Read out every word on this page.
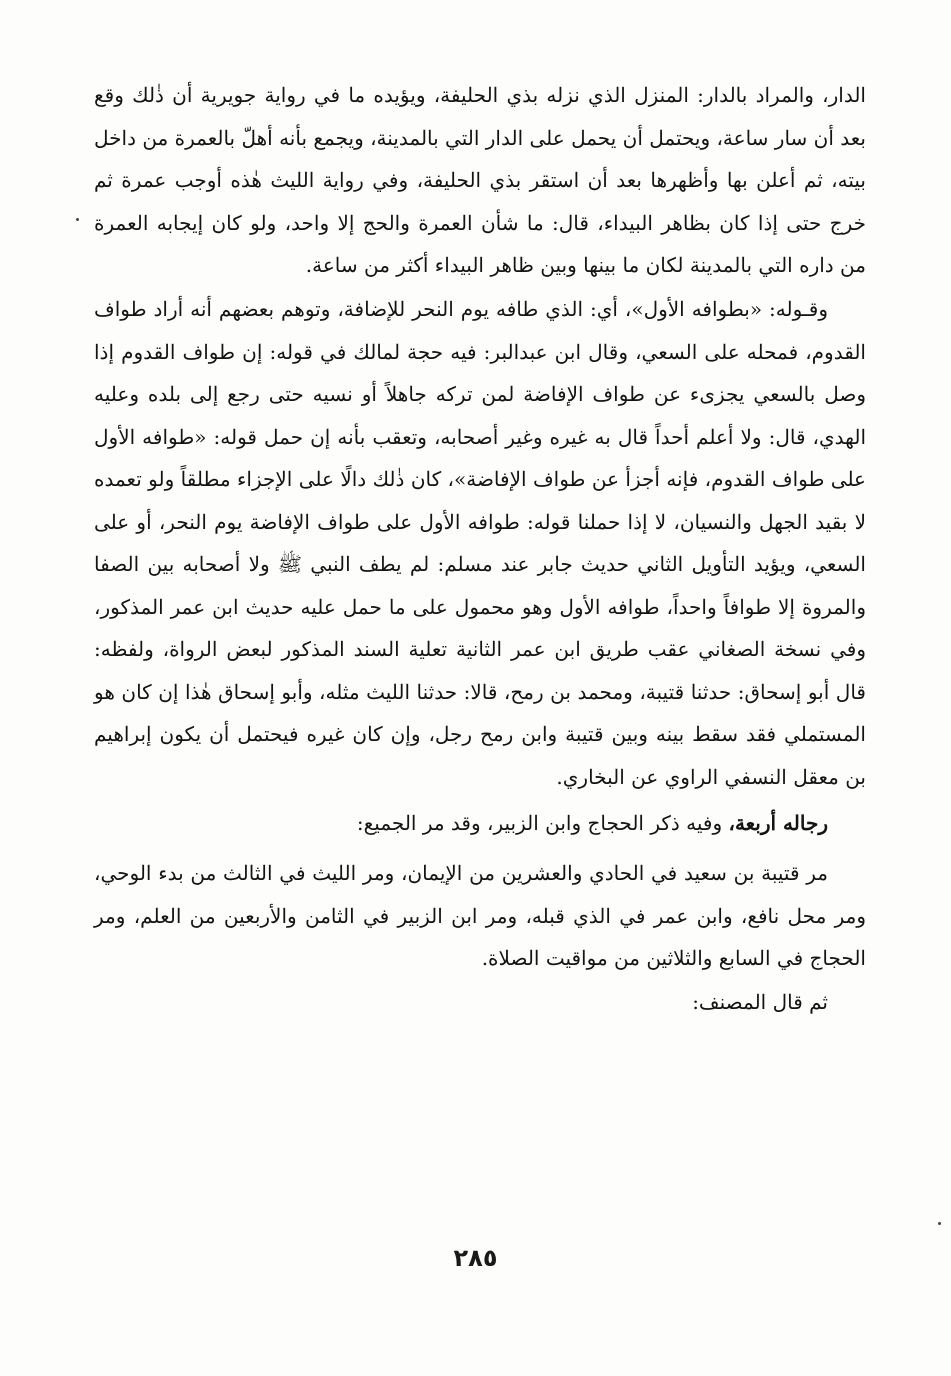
الدار، والمراد بالدار: المنزل الذي نزله بذي الحليفة، ويؤيده ما في رواية جويرية أن ذٰلك وقع بعد أن سار ساعة، ويحتمل أن يحمل على الدار التي بالمدينة، ويجمع بأنه أهلّ بالعمرة من داخل بيته، ثم أعلن بها وأظهرها بعد أن استقر بذي الحليفة، وفي رواية الليث هٰذه أوجب عمرة ثم خرج حتى إذا كان بظاهر البيداء، قال: ما شأن العمرة والحج إلا واحد، ولو كان إيجابه العمرة من داره التي بالمدينة لكان ما بينها وبين ظاهر البيداء أكثر من ساعة.

وقـوله: «بطوافه الأول»، أي: الذي طافه يوم النحر للإضافة، وتوهم بعضهم أنه أراد طواف القدوم، فمحله على السعي، وقال ابن عبدالبر: فيه حجة لمالك في قوله: إن طواف القدوم إذا وصل بالسعي يجزىء عن طواف الإفاضة لمن تركه جاهلاً أو نسيه حتى رجع إلى بلده وعليه الهدي، قال: ولا أعلم أحداً قال به غيره وغير أصحابه، وتعقب بأنه إن حمل قوله: «طوافه الأول على طواف القدوم، فإنه أجزأ عن طواف الإفاضة»، كان ذٰلك دالًا على الإجزاء مطلقاً ولو تعمده لا بقيد الجهل والنسيان، لا إذا حملنا قوله: طوافه الأول على طواف الإفاضة يوم النحر، أو على السعي، ويؤيد التأويل الثاني حديث جابر عند مسلم: لم يطف النبي ﷺ ولا أصحابه بين الصفا والمروة إلا طوافاً واحداً، طوافه الأول وهو محمول على ما حمل عليه حديث ابن عمر المذكور، وفي نسخة الصغاني عقب طريق ابن عمر الثانية تعلية السند المذكور لبعض الرواة، ولفظه: قال أبو إسحاق: حدثنا قتيبة، ومحمد بن رمح، قالا: حدثنا الليث مثله، وأبو إسحاق هٰذا إن كان هو المستملي فقد سقط بينه وبين قتيبة وابن رمح رجل، وإن كان غيره فيحتمل أن يكون إبراهيم بن معقل النسفي الراوي عن البخاري.

رجاله أربعة، وفيه ذكر الحجاج وابن الزبير، وقد مر الجميع:

مر قتيبة بن سعيد في الحادي والعشرين من الإيمان، ومر الليث في الثالث من بدء الوحي، ومر محل نافع، وابن عمر في الذي قبله، ومر ابن الزبير في الثامن والأربعين من العلم، ومر الحجاج في السابع والثلاثين من مواقيت الصلاة.

ثم قال المصنف:

٢٨٥
